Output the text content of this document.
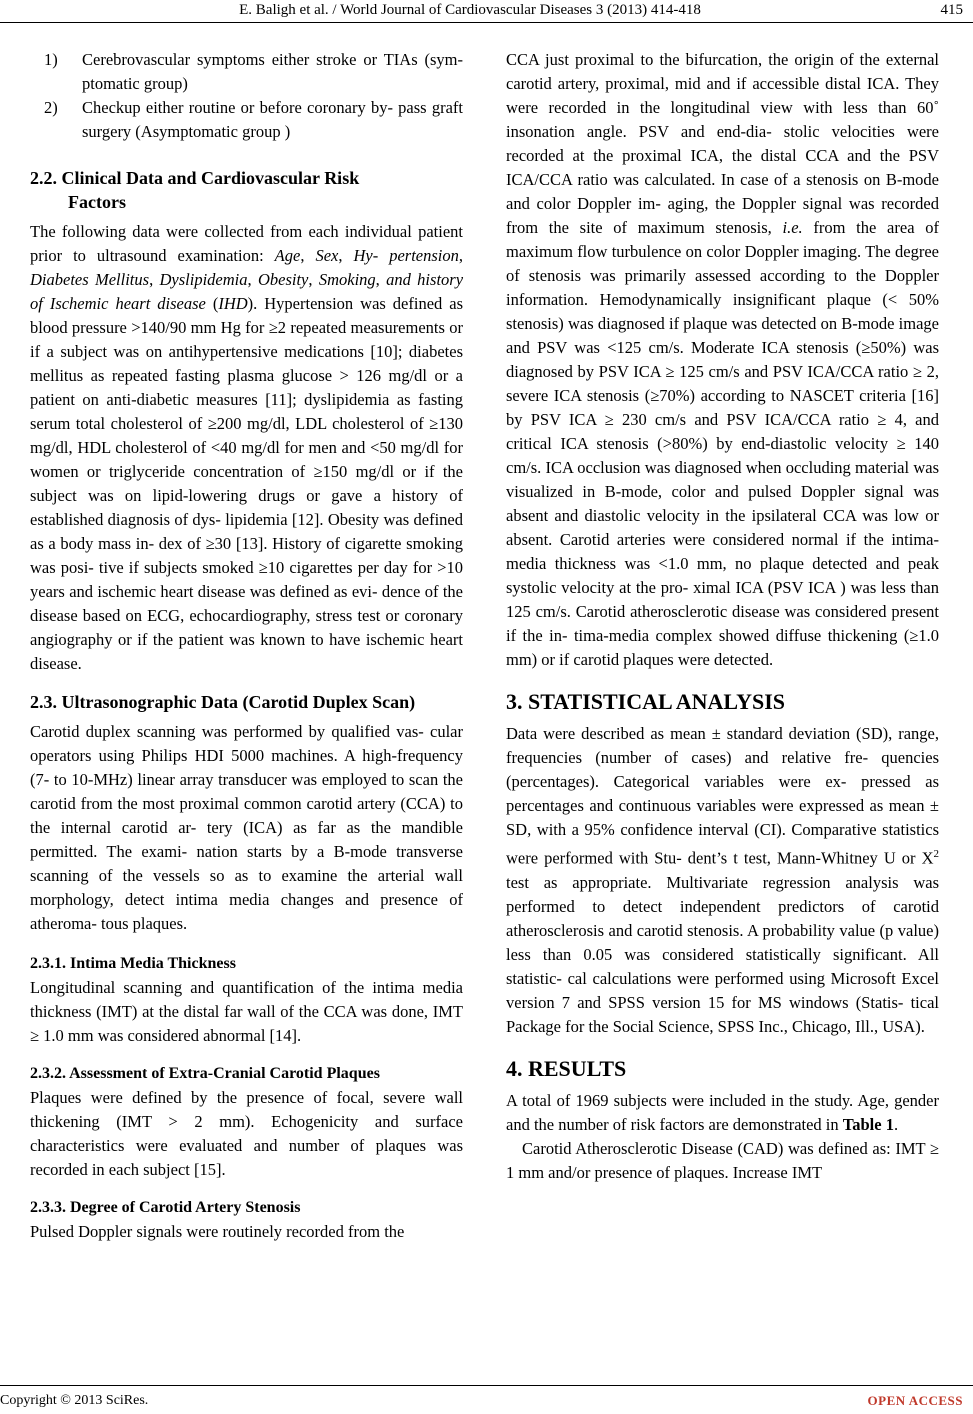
E. Baligh et al. / World Journal of Cardiovascular Diseases 3 (2013) 414-418	415
1)	Cerebrovascular symptoms either stroke or TIAs (sym- ptomatic group)
2)	Checkup either routine or before coronary by- pass graft surgery (Asymptomatic group )
2.2. Clinical Data and Cardiovascular Risk
Factors

The following data were collected from each individual patient prior to ultrasound examination: Age, Sex, Hy- pertension, Diabetes Mellitus, Dyslipidemia, Obesity, Smoking, and history of Ischemic heart disease (IHD). Hypertension was defined as blood pressure >140/90 mm Hg for ≥2 repeated measurements or if a subject was on antihypertensive medications [10]; diabetes mellitus as repeated fasting plasma glucose > 126 mg/dl or a patient on anti-diabetic measures [11]; dyslipidemia as fasting serum total cholesterol of ≥200 mg/dl, LDL cholesterol of ≥130 mg/dl, HDL cholesterol of <40 mg/dl for men and <50 mg/dl for women or triglyceride concentration of ≥150 mg/dl or if the subject was on lipid-lowering drugs or gave a history of established diagnosis of dys- lipidemia [12]. Obesity was defined as a body mass in- dex of ≥30 [13]. History of cigarette smoking was posi- tive if subjects smoked ≥10 cigarettes per day for >10 years and ischemic heart disease was defined as evi- dence of the disease based on ECG, echocardiography, stress test or coronary angiography or if the patient was known to have ischemic heart disease.

2.3. Ultrasonographic Data (Carotid Duplex Scan)

Carotid duplex scanning was performed by qualified vas- cular operators using Philips HDI 5000 machines. A high-frequency (7- to 10-MHz) linear array transducer was employed to scan the carotid from the most proximal common carotid artery (CCA) to the internal carotid ar- tery (ICA) as far as the mandible permitted. The exami- nation starts by a B-mode transverse scanning of the vessels so as to examine the arterial wall morphology, detect intima media changes and presence of atheroma- tous plaques.

2.3.1. Intima Media Thickness

Longitudinal scanning and quantification of the intima media thickness (IMT) at the distal far wall of the CCA was done, IMT ≥ 1.0 mm was considered abnormal [14].

2.3.2. Assessment of Extra-Cranial Carotid Plaques

Plaques were defined by the presence of focal, severe wall thickening (IMT > 2 mm). Echogenicity and surface characteristics were evaluated and number of plaques was recorded in each subject [15].

2.3.3. Degree of Carotid Artery Stenosis

Pulsed Doppler signals were routinely recorded from the

CCA just proximal to the bifurcation, the origin of the external carotid artery, proximal, mid and if accessible distal ICA. They were recorded in the longitudinal view with less than 60˚ insonation angle. PSV and end-dia- stolic velocities were recorded at the proximal ICA, the distal CCA and the PSV ICA/CCA ratio was calculated. In case of a stenosis on B-mode and color Doppler im- aging, the Doppler signal was recorded from the site of maximum stenosis, i.e. from the area of maximum flow turbulence on color Doppler imaging. The degree of stenosis was primarily assessed according to the Doppler information. Hemodynamically insignificant plaque (< 50% stenosis) was diagnosed if plaque was detected on B-mode image and PSV was <125 cm/s. Moderate ICA stenosis (≥50%) was diagnosed by PSV ICA ≥ 125 cm/s and PSV ICA/CCA ratio ≥ 2, severe ICA stenosis (≥70%) according to NASCET criteria [16] by PSV ICA ≥ 230 cm/s and PSV ICA/CCA ratio ≥ 4, and critical ICA stenosis (>80%) by end-diastolic velocity ≥ 140 cm/s. ICA occlusion was diagnosed when occluding material was visualized in B-mode, color and pulsed Doppler signal was absent and diastolic velocity in the ipsilateral CCA was low or absent. Carotid arteries were considered normal if the intima-media thickness was <1.0 mm, no plaque detected and peak systolic velocity at the pro- ximal ICA (PSV ICA ) was less than 125 cm/s. Carotid atherosclerotic disease was considered present if the in- tima-media complex showed diffuse thickening (≥1.0 mm) or if carotid plaques were detected.

3. STATISTICAL ANALYSIS

Data were described as mean ± standard deviation (SD), range, frequencies (number of cases) and relative fre- quencies (percentages). Categorical variables were ex- pressed as percentages and continuous variables were expressed as mean ± SD, with a 95% confidence interval (CI). Comparative statistics were performed with Stu- dent’s t test, Mann-Whitney U or $X^2$ test as appropriate. Multivariate regression analysis was performed to detect independent predictors of carotid atherosclerosis and carotid stenosis. A probability value (p value) less than 0.05 was considered statistically significant. All statistic- cal calculations were performed using Microsoft Excel version 7 and SPSS version 15 for MS windows (Statis- tical Package for the Social Science, SPSS Inc., Chicago, Ill., USA).

4. RESULTS

A total of 1969 subjects were included in the study. Age, gender and the number of risk factors are demonstrated in Table 1.

Carotid Atherosclerotic Disease (CAD) was defined as: IMT ≥ 1 mm and/or presence of plaques. Increase IMT

Copyright © 2013 SciRes.	OPEN ACCESS
